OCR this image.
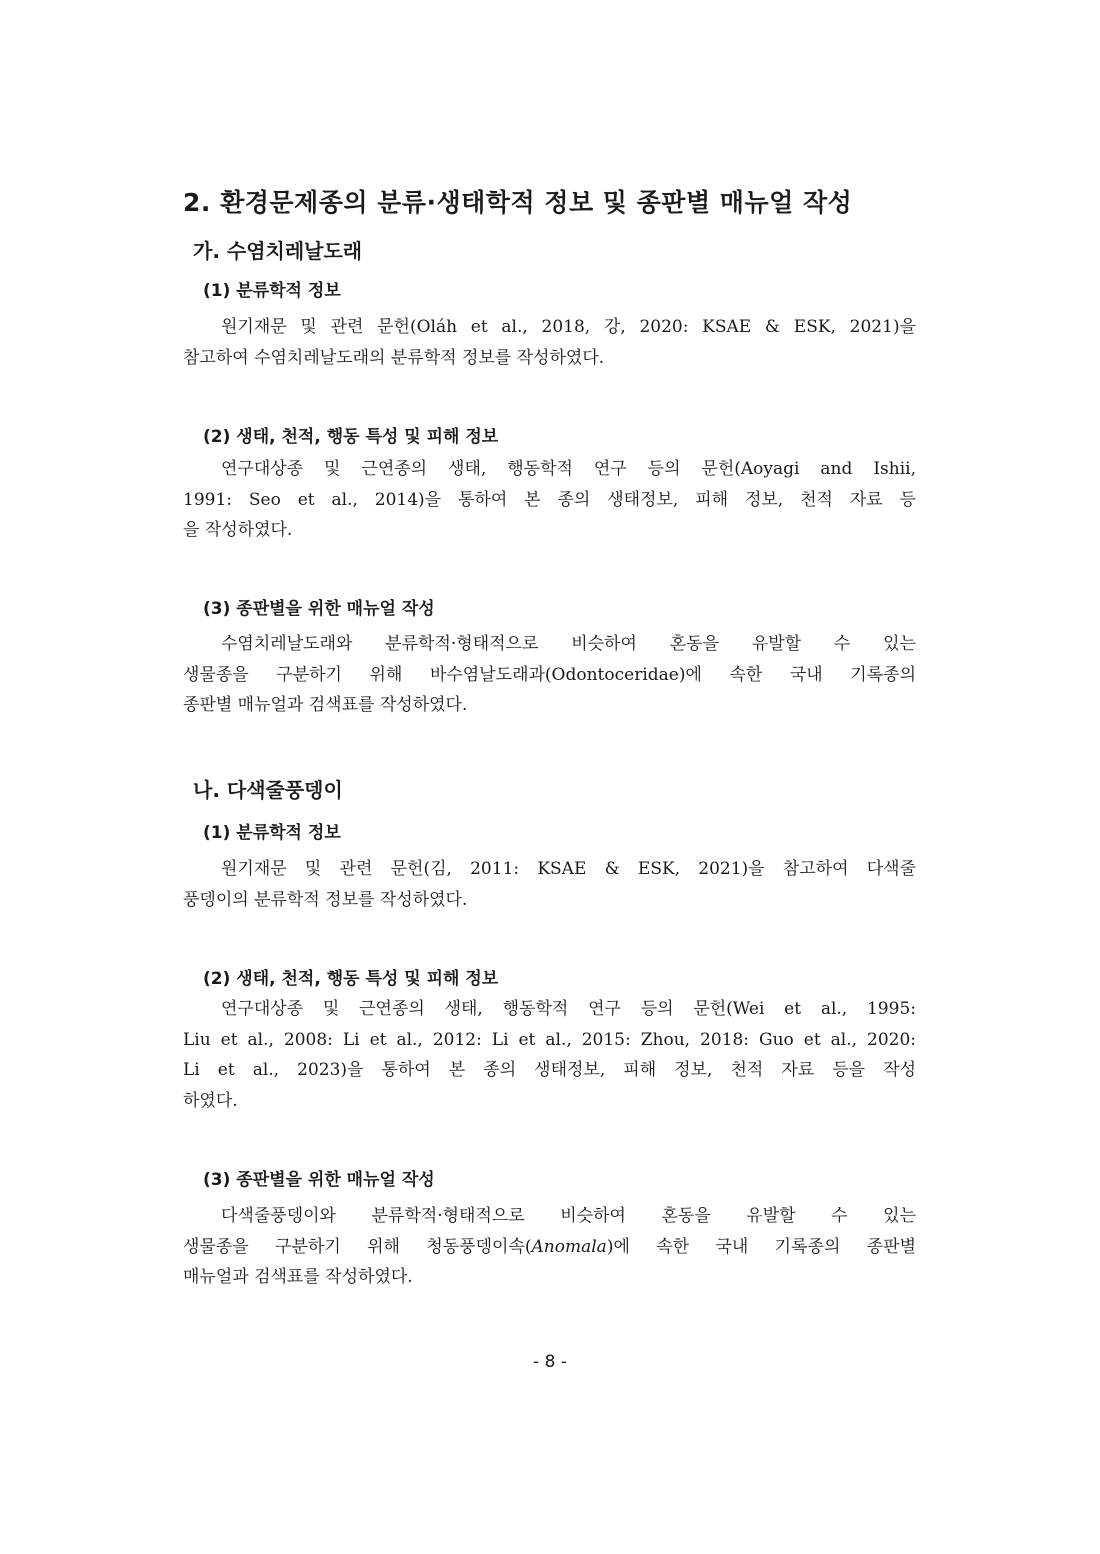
2. 환경문제종의 분류·생태학적 정보 및 종판별 매뉴얼 작성
가. 수염치레날도래
(1) 분류학적 정보
원기재문 및 관련 문헌(Oláh et al., 2018, 강, 2020: KSAE & ESK, 2021)을
참고하여 수염치레날도래의 분류학적 정보를 작성하였다.
(2) 생태, 천적, 행동 특성 및 피해 정보
연구대상종 및 근연종의 생태, 행동학적 연구 등의 문헌(Aoyagi and Ishii,
1991: Seo et al., 2014)을 통하여 본 종의 생태정보, 피해 정보, 천적 자료 등
을 작성하였다.
(3) 종판별을 위한 매뉴얼 작성
수염치레날도래와 분류학적·형태적으로 비슷하여 혼동을 유발할 수 있는
생물종을 구분하기 위해 바수염날도래과(Odontoceridae)에 속한 국내 기록종의
종판별 매뉴얼과 검색표를 작성하였다.
나. 다색줄풍뎅이
(1) 분류학적 정보
원기재문 및 관련 문헌(김, 2011: KSAE & ESK, 2021)을 참고하여 다색줄
풍뎅이의 분류학적 정보를 작성하였다.
(2) 생태, 천적, 행동 특성 및 피해 정보
연구대상종 및 근연종의 생태, 행동학적 연구 등의 문헌(Wei et al., 1995:
Liu et al., 2008: Li et al., 2012: Li et al., 2015: Zhou, 2018: Guo et al., 2020:
Li et al., 2023)을 통하여 본 종의 생태정보, 피해 정보, 천적 자료 등을 작성
하였다.
(3) 종판별을 위한 매뉴얼 작성
다색줄풍뎅이와 분류학적·형태적으로 비슷하여 혼동을 유발할 수 있는
생물종을 구분하기 위해 청동풍뎅이속(Anomala)에 속한 국내 기록종의 종판별
매뉴얼과 검색표를 작성하였다.
- 8 -
